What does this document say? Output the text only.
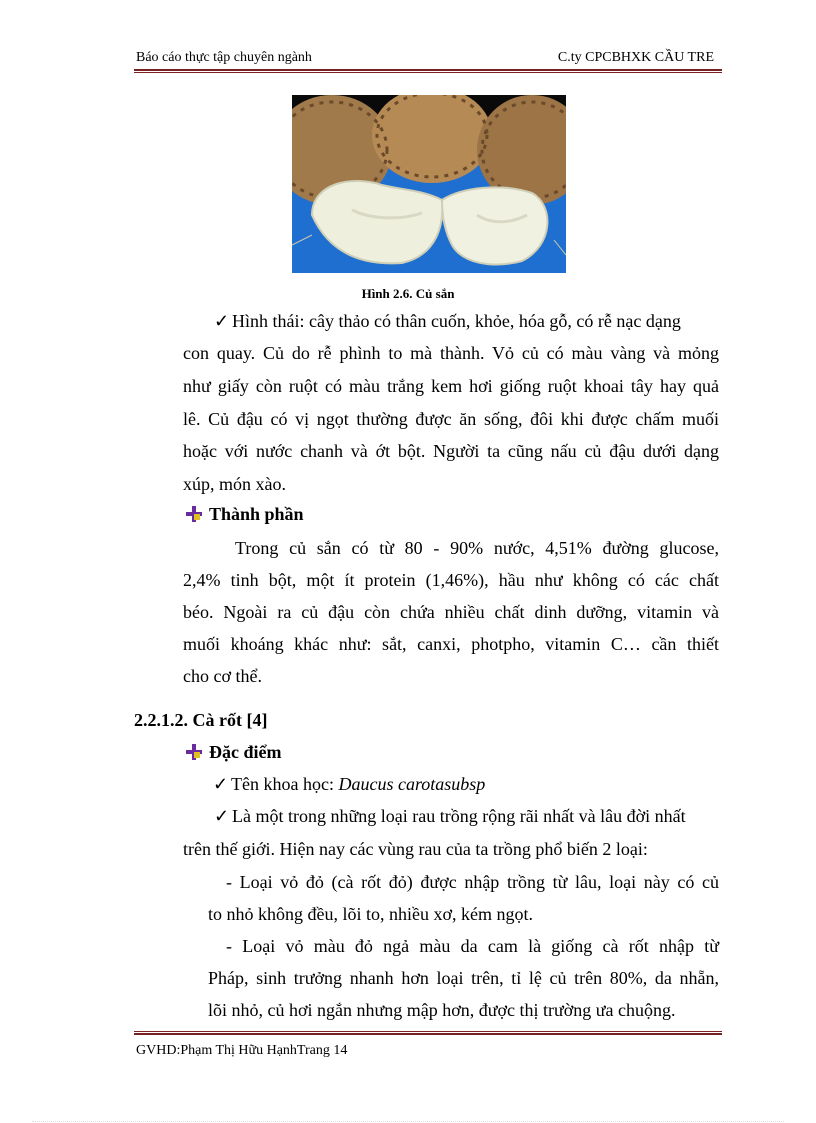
Báo cáo thực tập chuyên ngành	C.ty CPCBHXK CẦU TRE
Hình 2.6. Củ sắn
✓ Hình thái: cây thảo có thân cuốn, khỏe, hóa gỗ, có rễ nạc dạng
con quay. Củ do rễ phình to mà thành. Vỏ củ có màu vàng và mỏng
như giấy còn ruột có màu trắng kem hơi giống ruột khoai tây hay quả
lê. Củ đậu có vị ngọt thường được ăn sống, đôi khi được chấm muối
hoặc với nước chanh và ớt bột. Người ta cũng nấu củ đậu dưới dạng
xúp, món xào.
Thành phần
Trong củ sắn có từ 80 - 90% nước, 4,51% đường glucose,
2,4% tinh bột, một ít protein (1,46%), hầu như không có các chất
béo. Ngoài ra củ đậu còn chứa nhiều chất dinh dưỡng, vitamin và
muối khoáng khác như: sắt, canxi, photpho, vitamin C… cần thiết
cho cơ thể.
2.2.1.2. Cà rốt [4]
Đặc điểm
✓ Tên khoa học: Daucus carotasubsp
✓ Là một trong những loại rau trồng rộng rãi nhất và lâu đời nhất
trên thế giới. Hiện nay các vùng rau của ta trồng phổ biến 2 loại:
- Loại vỏ đỏ (cà rốt đỏ) được nhập trồng từ lâu, loại này có củ
to nhỏ không đều, lõi to, nhiều xơ, kém ngọt.
- Loại vỏ màu đỏ ngả màu da cam là giống cà rốt nhập từ
Pháp, sinh trưởng nhanh hơn loại trên, tỉ lệ củ trên 80%, da nhẵn,
lõi nhỏ, củ hơi ngắn nhưng mập hơn, được thị trường ưa chuộng.
GVHD:Phạm Thị Hữu HạnhTrang 14
